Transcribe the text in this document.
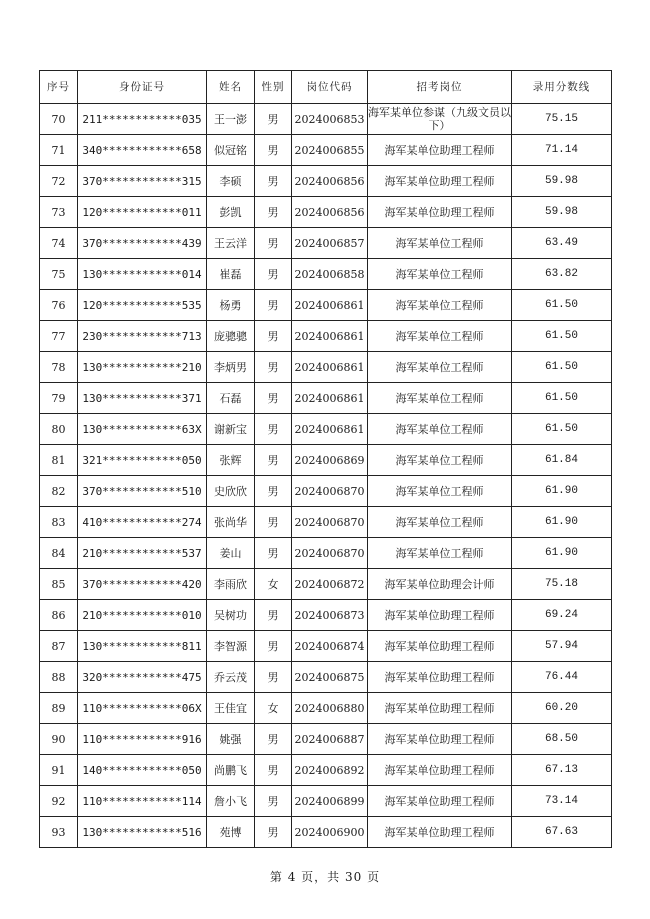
序号	身份证号	姓名	性别	岗位代码	招考岗位	录用分数线
70	211************035	王一澎	男	2024006853	海军某单位参谋（九级文员以下）	75.15
71	340************658	似冠铭	男	2024006855	海军某单位助理工程师	71.14
72	370************315	李硕	男	2024006856	海军某单位助理工程师	59.98
73	120************011	彭凯	男	2024006856	海军某单位助理工程师	59.98
74	370************439	王云洋	男	2024006857	海军某单位工程师	63.49
75	130************014	崔磊	男	2024006858	海军某单位工程师	63.82
76	120************535	杨勇	男	2024006861	海军某单位工程师	61.50
77	230************713	庞骢骢	男	2024006861	海军某单位工程师	61.50
78	130************210	李炳男	男	2024006861	海军某单位工程师	61.50
79	130************371	石磊	男	2024006861	海军某单位工程师	61.50
80	130************63X	谢新宝	男	2024006861	海军某单位工程师	61.50
81	321************050	张辉	男	2024006869	海军某单位工程师	61.84
82	370************510	史欣欣	男	2024006870	海军某单位工程师	61.90
83	410************274	张尚华	男	2024006870	海军某单位工程师	61.90
84	210************537	姜山	男	2024006870	海军某单位工程师	61.90
85	370************420	李雨欣	女	2024006872	海军某单位助理会计师	75.18
86	210************010	吴树功	男	2024006873	海军某单位助理工程师	69.24
87	130************811	李智源	男	2024006874	海军某单位助理工程师	57.94
88	320************475	乔云茂	男	2024006875	海军某单位助理工程师	76.44
89	110************06X	王佳宜	女	2024006880	海军某单位助理工程师	60.20
90	110************916	姚强	男	2024006887	海军某单位助理工程师	68.50
91	140************050	尚鹏飞	男	2024006892	海军某单位助理工程师	67.13
92	110************114	詹小飞	男	2024006899	海军某单位助理工程师	73.14
93	130************516	苑博	男	2024006900	海军某单位助理工程师	67.63
第 4 页，共 30 页
